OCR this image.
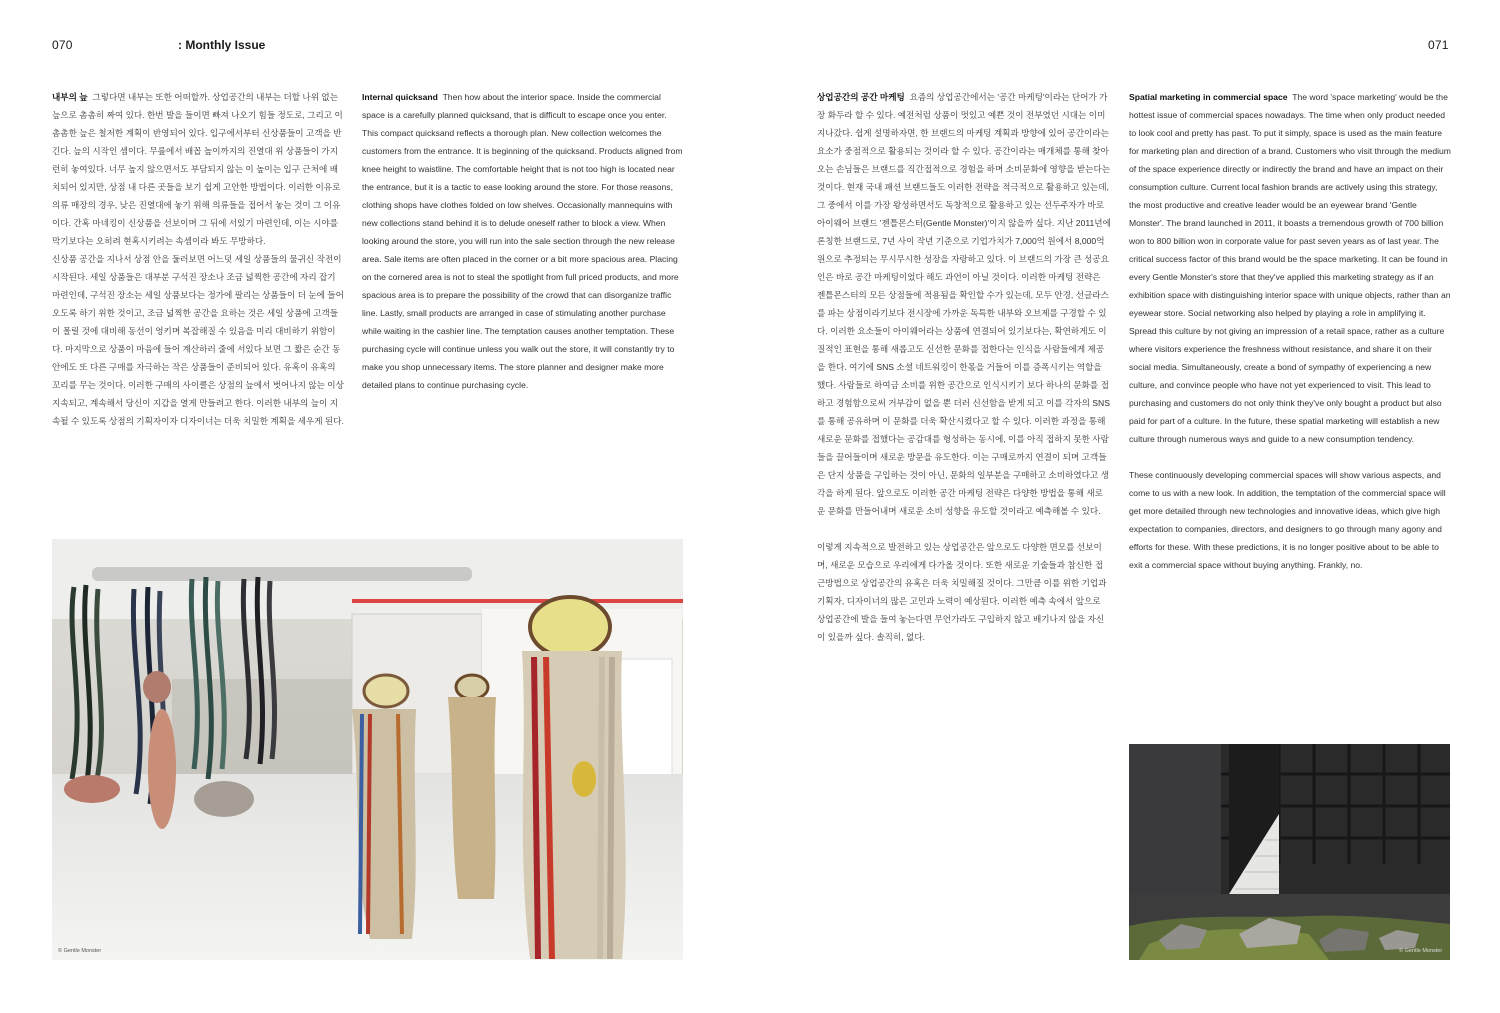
070	: Monthly Issue

내부의 늪 그렇다면 내부는 또한 어떠할까. 상업공간의 내부는 더할 나위 없는 늪으로 촘촘히 짜여 있다. 한번 발을 들이면 빠져 나오기 힘들 정도로, 그리고 이 촘촘한 늪은 철저한 계획이 반영되어 있다. 입구에서부터 신상품들이 고객을 반긴다. 늪의 시작인 셈이다. 무릎에서 배꼽 높이까지의 진열대 위 상품들이 가지런히 놓여있다. 너무 높지 않으면서도 부담되지 않는 이 높이는 입구 근처에 배치되어 있지만, 상점 내 다른 곳들을 보기 쉽게 고안한 방법이다. 이러한 이유로 의류 매장의 경우, 낮은 진열대에 놓기 위해 의류들을 접어서 놓는 것이 그 이유이다. 간혹 마네킹이 신상품을 선보이며 그 뒤에 서있기 마련인데, 이는 시야를 막기보다는 오히려 현혹시키려는 속셈이라 봐도 무방하다.

신상품 공간을 지나서 상점 안을 둘러보면 어느덧 세일 상품들의 물귀신 작전이 시작된다. 세일 상품들은 대부분 구석진 장소나 조금 넓찍한 공간에 자리 잡기 마련인데, 구석진 장소는 세일 상품보다는 정가에 팔리는 상품들이 더 눈에 들어오도록 하기 위한 것이고, 조금 넓찍한 공간을 요하는 것은 세일 상품에 고객들이 몰릴 것에 대비해 동선이 엉키며 복잡해질 수 있음을 미리 대비하기 위함이다. 마지막으로 상품이 마음에 들어 계산하러 줄에 서있다 보면 그 짧은 순간 동안에도 또 다른 구매를 자극하는 작은 상품들이 준비되어 있다. 유혹이 유혹의 꼬리를 무는 것이다. 이러한 구매의 사이클은 상점의 늪에서 벗어나지 않는 이상 지속되고, 계속해서 당신이 지갑을 열게 만들려고 한다. 이러한 내부의 늪이 지속될 수 있도록 상점의 기획자이자 디자이너는 더욱 치밀한 계획을 세우게 된다.

Internal quicksand Then how about the interior space. Inside the commercial space is a carefully planned quicksand, that is difficult to escape once you enter. This compact quicksand reflects a thorough plan. New collection welcomes the customers from the entrance. It is beginning of the quicksand. Products aligned from knee height to waistline. The comfortable height that is not too high is located near the entrance, but it is a tactic to ease looking around the store. For those reasons, clothing shops have clothes folded on low shelves. Occasionally mannequins with new collections stand behind it is to delude oneself rather to block a view. When looking around the store, you will run into the sale section through the new release area. Sale items are often placed in the corner or a bit more spacious area. Placing on the cornered area is not to steal the spotlight from full priced products, and more spacious area is to prepare the possibility of the crowd that can disorganize traffic line. Lastly, small products are arranged in case of stimulating another purchase while waiting in the cashier line. The temptation causes another temptation. These purchasing cycle will continue unless you walk out the store, it will constantly try to make you shop unnecessary items. The store planner and designer make more detailed plans to continue purchasing cycle.

© Gentle Monster
071

상업공간의 공간 마케팅 요즘의 상업공간에서는 '공간 마케팅'이라는 단어가 가장 화두라 할 수 있다. 예전처럼 상품이 멋있고 예쁜 것이 전부였던 시대는 이미 지나갔다. 쉽게 설명하자면, 한 브랜드의 마케팅 계획과 방향에 있어 공간이라는 요소가 중점적으로 활용되는 것이라 할 수 있다. 공간이라는 매개체를 통해 찾아오는 손님들은 브랜드를 직간접적으로 경험을 하며 소비문화에 영향을 받는다는 것이다. 현재 국내 패션 브랜드들도 이러한 전략을 적극적으로 활용하고 있는데, 그 중에서 이를 가장 왕성하면서도 독창적으로 활용하고 있는 선두주자가 바로 아이웨어 브랜드 '젠틀몬스터(Gentle Monster)'이지 않을까 싶다. 지난 2011년에 론칭한 브랜드로, 7년 사이 작년 기준으로 기업가치가 7,000억 원에서 8,000억 원으로 추정되는 무시무시한 성장을 자랑하고 있다. 이 브랜드의 가장 큰 성공요인은 바로 공간 마케팅이었다 해도 과언이 아닐 것이다. 이러한 마케팅 전략은 젠틀몬스터의 모든 상점들에 적용됨을 확인할 수가 있는데, 모두 안경, 선글라스를 파는 상점이라기보다 전시장에 가까운 독특한 내부와 오브제를 구경할 수 있다. 이러한 요소들이 아이웨어라는 상품에 연결되어 있기보다는, 확연하게도 이질적인 표현을 통해 새롭고도 신선한 문화를 접한다는 인식을 사람들에게 제공을 한다. 여기에 SNS 소셜 네트워킹이 한몫을 거들어 이를 증폭시키는 역할을 했다. 사람들로 하여금 소비를 위한 공간으로 인식시키기 보다 하나의 문화를 접하고 경험함으로써 거부감이 없을 뿐 더러 신선함을 받게 되고 이를 각자의 SNS를 통해 공유하며 이 문화를 더욱 확산시켰다고 할 수 있다. 이러한 과정을 통해 새로운 문화를 접했다는 공감대를 형성하는 동시에, 이를 아직 접하지 못한 사람들을 끌어들이며 새로운 방문을 유도한다. 이는 구매로까지 연결이 되며 고객들은 단지 상품을 구입하는 것이 아닌, 문화의 일부분을 구매하고 소비하였다고 생각을 하게 된다. 앞으로도 이러한 공간 마케팅 전략은 다양한 방법을 통해 새로운 문화를 만들어내며 새로운 소비 성향을 유도할 것이라고 예측해볼 수 있다.

이렇게 지속적으로 발전하고 있는 상업공간은 앞으로도 다양한 면모를 선보이며, 새로운 모습으로 우리에게 다가올 것이다. 또한 새로운 기술들과 참신한 접근방법으로 상업공간의 유혹은 더욱 치밀해질 것이다. 그만큼 이를 위한 기업과 기획자, 디자이너의 많은 고민과 노력이 예상된다. 이러한 예측 속에서 앞으로 상업공간에 발을 들여 놓는다면 무언가라도 구입하지 않고 배기나지 않을 자신이 있을까 싶다. 솔직히, 없다.

Spatial marketing in commercial space The word 'space marketing' would be the hottest issue of commercial spaces nowadays. The time when only product needed to look cool and pretty has past. To put it simply, space is used as the main feature for marketing plan and direction of a brand. Customers who visit through the medium of the space experience directly or indirectly the brand and have an impact on their consumption culture. Current local fashion brands are actively using this strategy, the most productive and creative leader would be an eyewear brand 'Gentle Monster'. The brand launched in 2011, it boasts a tremendous growth of 700 billion won to 800 billion won in corporate value for past seven years as of last year. The critical success factor of this brand would be the space marketing. It can be found in every Gentle Monster's store that they've applied this marketing strategy as if an exhibition space with distinguishing interior space with unique objects, rather than an eyewear store. Social networking also helped by playing a role in amplifying it. Spread this culture by not giving an impression of a retail space, rather as a culture where visitors experience the freshness without resistance, and share it on their social media. Simultaneously, create a bond of sympathy of experiencing a new culture, and convince people who have not yet experienced to visit. This lead to purchasing and customers do not only think they've only bought a product but also paid for part of a culture. In the future, these spatial marketing will establish a new culture through numerous ways and guide to a new consumption tendency.

These continuously developing commercial spaces will show various aspects, and come to us with a new look. In addition, the temptation of the commercial space will get more detailed through new technologies and innovative ideas, which give high expectation to companies, directors, and designers to go through many agony and efforts for these. With these predictions, it is no longer positive about to be able to exit a commercial space without buying anything. Frankly, no.

© Gentle Monster
